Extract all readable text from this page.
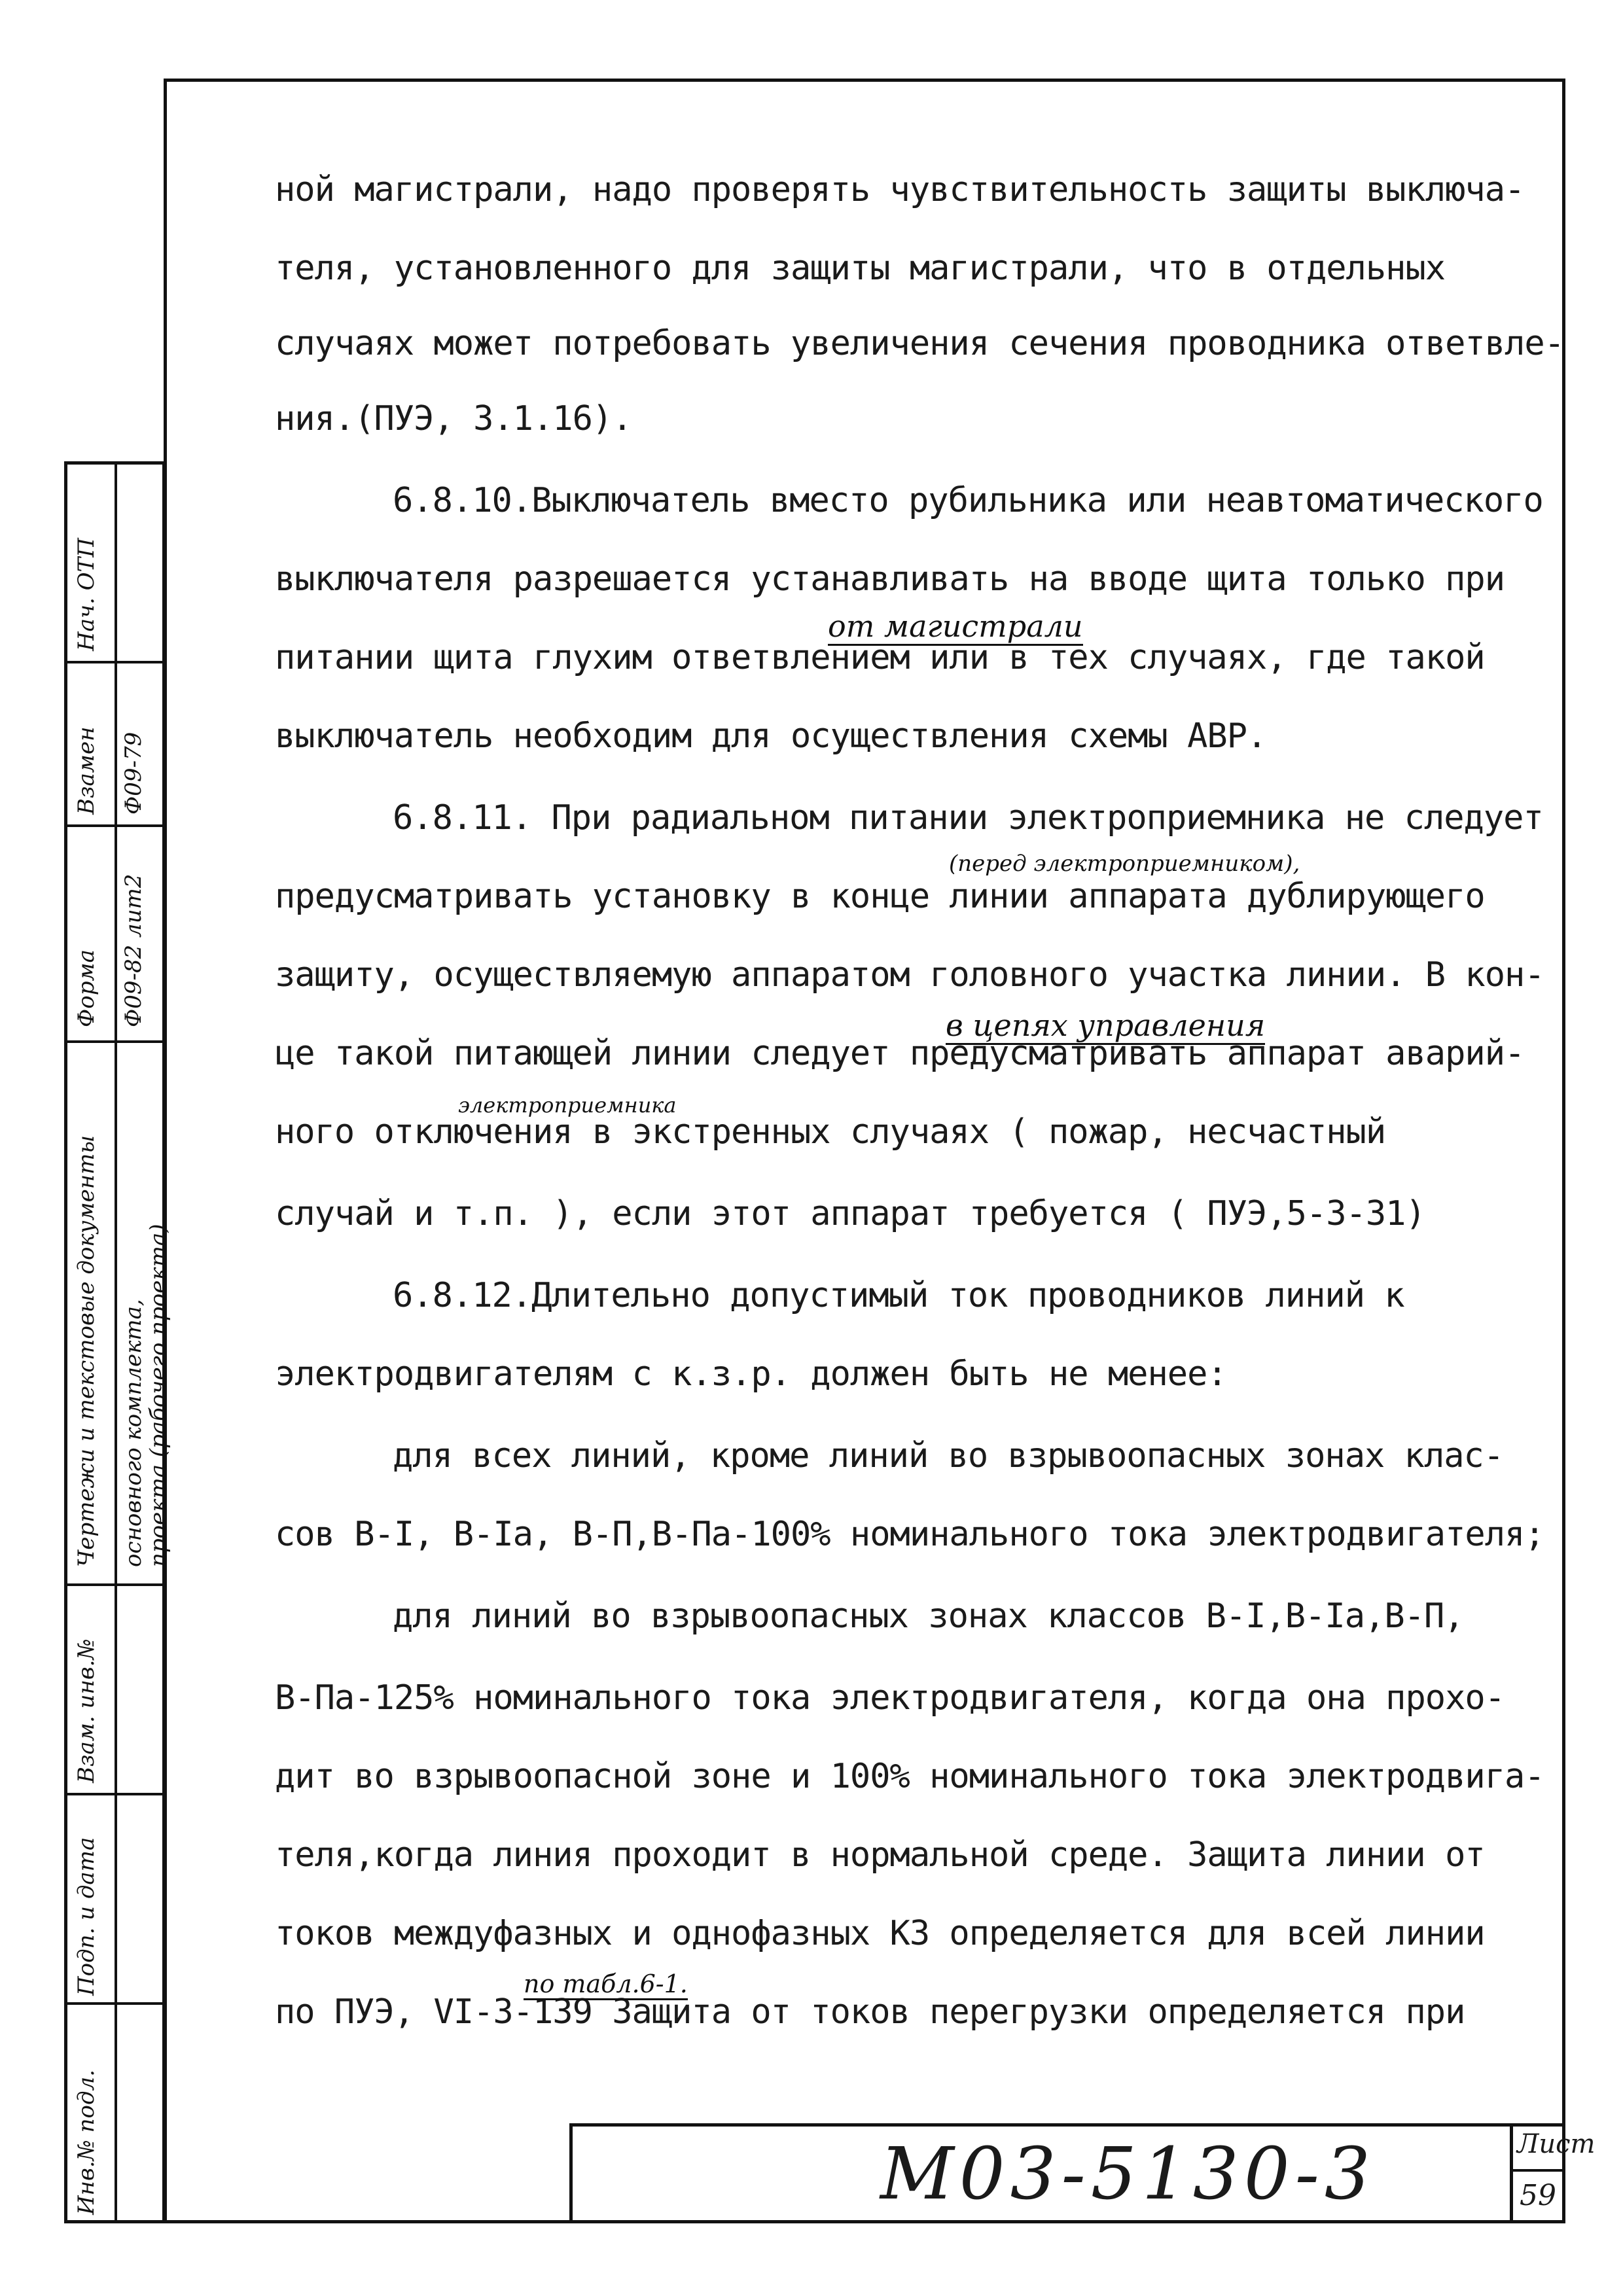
Инв.№ подл.
Подп. и дата
Взам. инв.№
Чертежи и текстовые документы
Форма
Взамен
Нач. ОТП
основного комплекта,
проекта (рабочего проекта)
Ф09-82 лит2
Ф09-79
ной магистрали, надо проверять чувствительность защиты выключа-
теля, установленного для защиты магистрали, что в отдельных
случаях может потребовать увеличения сечения проводника ответвле-
ния.(ПУЭ, 3.1.16).
6.8.10.Выключатель вместо рубильника или неавтоматического
выключателя разрешается устанавливать на вводе щита только при
питании щита глухим ответвлением или в тех случаях, где такой
выключатель необходим для осуществления схемы АВР.
6.8.11. При радиальном питании электроприемника не следует
предусматривать установку в конце линии аппарата дублирующего
защиту, осуществляемую аппаратом головного участка линии. В кон-
це такой питающей линии следует предусматривать аппарат аварий-
ного отключения в экстренных случаях ( пожар, несчастный
случай и т.п. ), если этот аппарат требуется ( ПУЭ,5-3-31)
6.8.12.Длительно допустимый ток проводников линий к
электродвигателям с к.з.р. должен быть не менее:
для всех линий, кроме линий во взрывоопасных зонах клас-
сов В-I, В-Iа, В-П,В-Па-100% номинального тока электродвигателя;
для линий во взрывоопасных зонах классов В-I,В-Iа,В-П,
В-Па-125% номинального тока электродвигателя, когда она прохо-
дит во взрывоопасной зоне и 100% номинального тока электродвига-
теля,когда линия проходит в нормальной среде. Защита линии от
токов междуфазных и однофазных КЗ определяется для всей линии
по ПУЭ, VI-3-139 Защита от токов перегрузки определяется при
от магистрали
(перед электроприемником),
в цепях управления
электроприемника
по табл.6-1.
М03-5130-3	Лист
59
